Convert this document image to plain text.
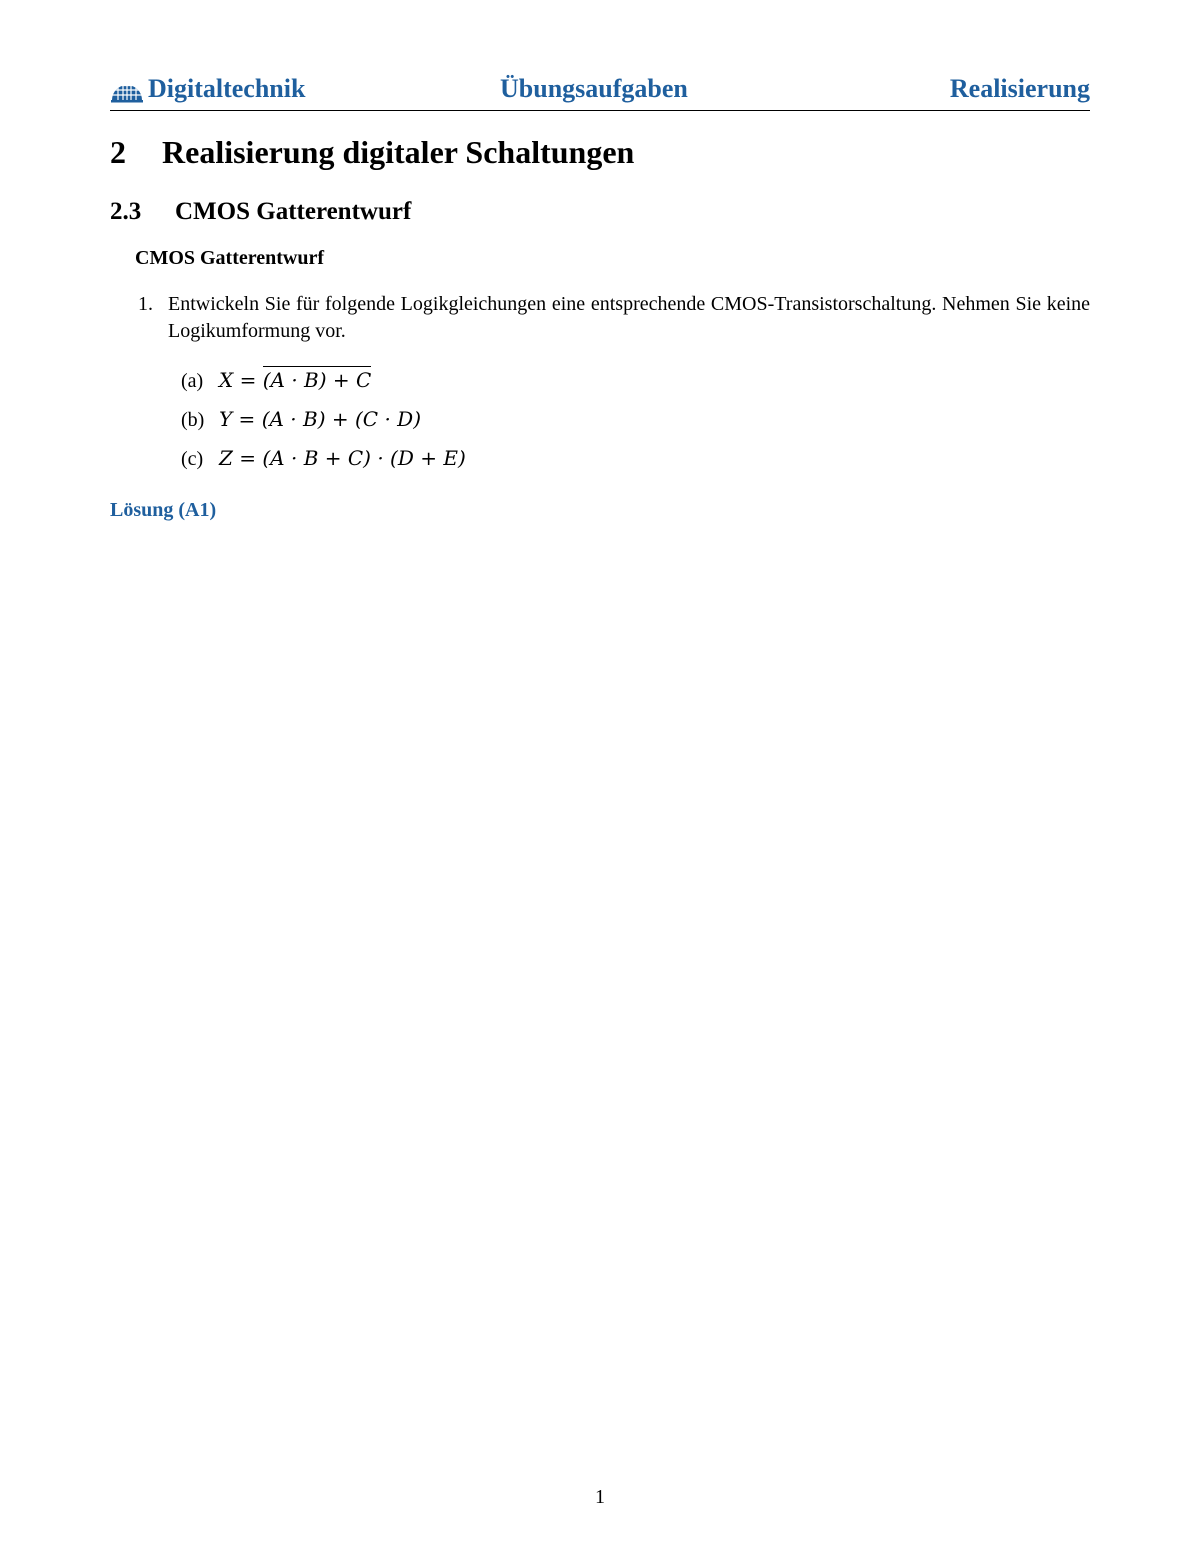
Digitaltechnik	Übungsaufgaben	Realisierung
2 Realisierung digitaler Schaltungen
2.3 CMOS Gatterentwurf
CMOS Gatterentwurf
1. Entwickeln Sie für folgende Logikgleichungen eine entsprechende CMOS-Transistorschaltung. Nehmen Sie keine Logikumformung vor.
(a) X = (A · B) + C
(b) Y = (A · B) + (C · D)
(c) Z = (A · B + C) · (D + E)
Lösung (A1)
1
